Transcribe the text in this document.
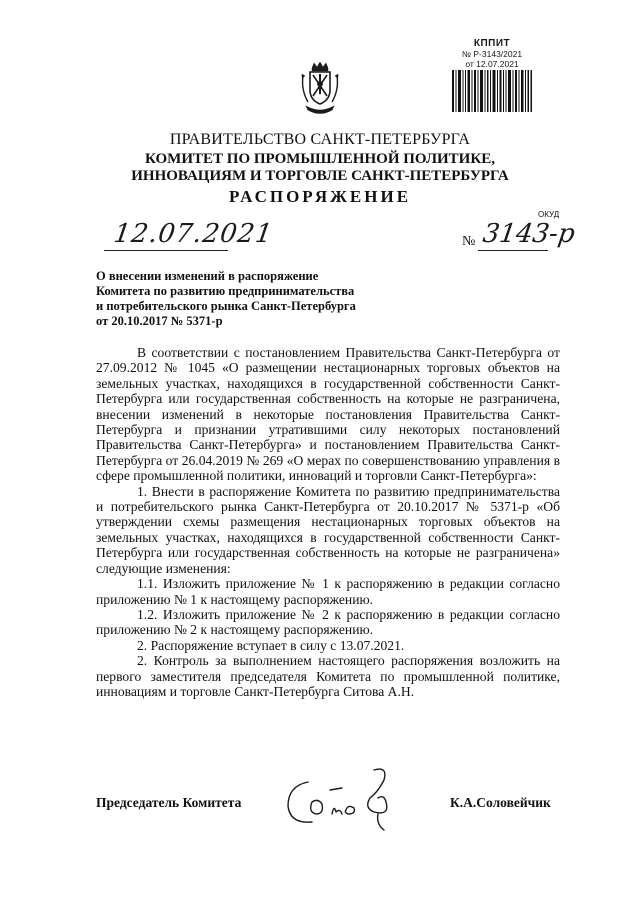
КППИТ
№ Р-3143/2021
от 12.07.2021
ПРАВИТЕЛЬСТВО САНКТ-ПЕТЕРБУРГА
КОМИТЕТ ПО ПРОМЫШЛЕННОЙ ПОЛИТИКЕ,
ИННОВАЦИЯМ И ТОРГОВЛЕ САНКТ-ПЕТЕРБУРГА
РАСПОРЯЖЕНИЕ
ОКУД
12.07.2021	№ 3143-р
О внесении изменений в распоряжение
Комитета по развитию предпринимательства
и потребительского рынка Санкт-Петербурга
от 20.10.2017 № 5371-р

В соответствии с постановлением Правительства Санкт-Петербурга от 27.09.2012 № 1045 «О размещении нестационарных торговых объектов на земельных участках, находящихся в государственной собственности Санкт-Петербурга или государственная собственность на которые не разграничена, внесении изменений в некоторые постановления Правительства Санкт-Петербурга и признании утратившими силу некоторых постановлений Правительства Санкт-Петербурга» и постановлением Правительства Санкт-Петербурга от 26.04.2019 № 269 «О мерах по совершенствованию управления в сфере промышленной политики, инноваций и торговли Санкт-Петербурга»:

1. Внести в распоряжение Комитета по развитию предпринимательства и потребительского рынка Санкт-Петербурга от 20.10.2017 № 5371-р «Об утверждении схемы размещения нестационарных торговых объектов на земельных участках, находящихся в государственной собственности Санкт-Петербурга или государственная собственность на которые не разграничена» следующие изменения:

1.1. Изложить приложение № 1 к распоряжению в редакции согласно приложению № 1 к настоящему распоряжению.

1.2. Изложить приложение № 2 к распоряжению в редакции согласно приложению № 2 к настоящему распоряжению.

2. Распоряжение вступает в силу с 13.07.2021.

2. Контроль за выполнением настоящего распоряжения возложить на первого заместителя председателя Комитета по промышленной политике, инновациям и торговле Санкт-Петербурга Ситова А.Н.

Председатель Комитета	К.А.Соловейчик
